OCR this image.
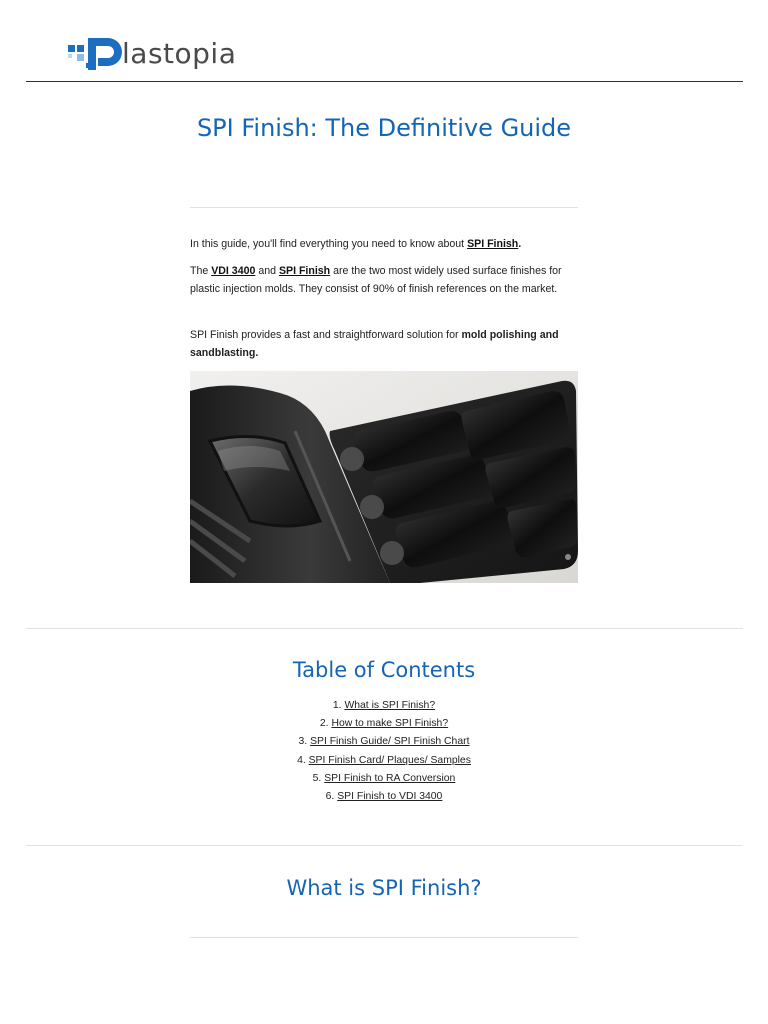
lastopia
SPI Finish: The Definitive Guide

In this guide, you'll find everything you need to know about SPI Finish.

The VDI 3400 and SPI Finish are the two most widely used surface finishes for plastic injection molds. They consist of 90% of finish references on the market.

SPI Finish provides a fast and straightforward solution for mold polishing and sandblasting.

Table of Contents
1. What is SPI Finish?
2. How to make SPI Finish?
3. SPI Finish Guide/ SPI Finish Chart
4. SPI Finish Card/ Plaques/ Samples
5. SPI Finish to RA Conversion
6. SPI Finish to VDI 3400
What is SPI Finish?
